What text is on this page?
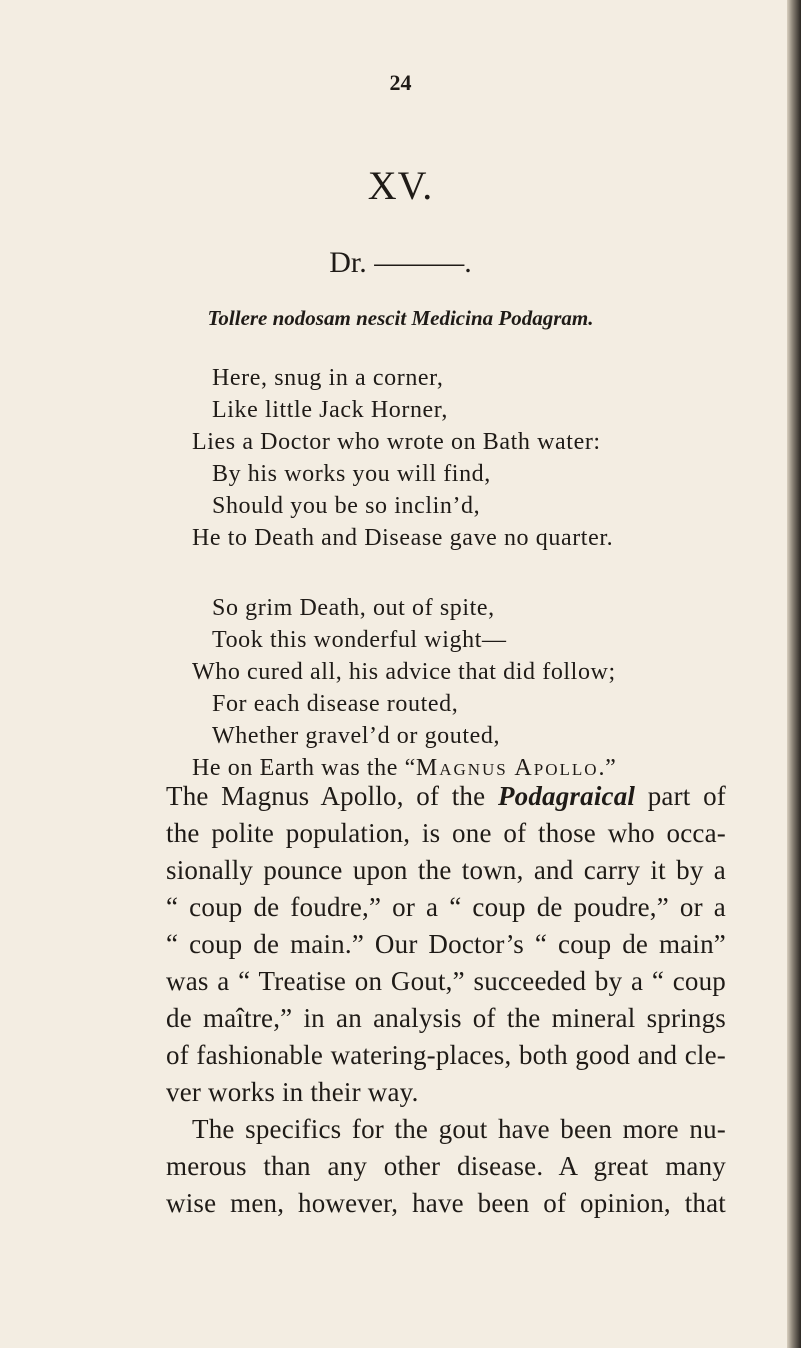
24
XV.
Dr. ———.
Tollere nodosam nescit Medicina Podagram.
Here, snug in a corner,
Like little Jack Horner,
Lies a Doctor who wrote on Bath water:
By his works you will find,
Should you be so inclin’d,
He to Death and Disease gave no quarter.
So grim Death, out of spite,
Took this wonderful wight—
Who cured all, his advice that did follow;
For each disease routed,
Whether gravel’d or gouted,
He on Earth was the “Magnus Apollo.”
The Magnus Apollo, of the Podagraical part of
the polite population, is one of those who occa-
sionally pounce upon the town, and carry it by a
“ coup de foudre,” or a “ coup de poudre,” or a
“ coup de main.” Our Doctor’s “ coup de main”
was a “ Treatise on Gout,” succeeded by a “ coup
de maître,” in an analysis of the mineral springs
of fashionable watering-places, both good and cle-
ver works in their way.
The specifics for the gout have been more nu-
merous than any other disease. A great many
wise men, however, have been of opinion, that
